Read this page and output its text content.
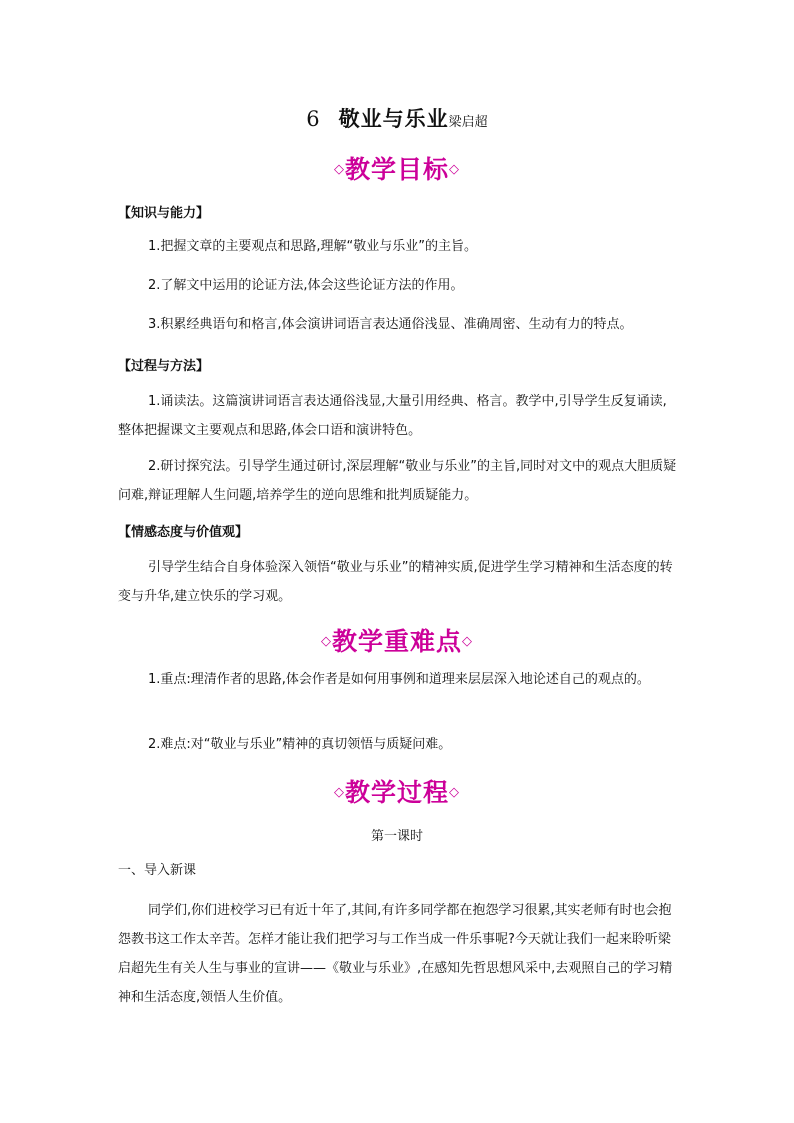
6 敬业与乐业梁启超
◇教学目标◇
【知识与能力】
1.把握文章的主要观点和思路,理解“敬业与乐业”的主旨。
2.了解文中运用的论证方法,体会这些论证方法的作用。
3.积累经典语句和格言,体会演讲词语言表达通俗浅显、准确周密、生动有力的特点。
【过程与方法】
1.诵读法。这篇演讲词语言表达通俗浅显,大量引用经典、格言。教学中,引导学生反复诵读,整体把握课文主要观点和思路,体会口语和演讲特色。
2.研讨探究法。引导学生通过研讨,深层理解“敬业与乐业”的主旨,同时对文中的观点大胆质疑问难,辩证理解人生问题,培养学生的逆向思维和批判质疑能力。
【情感态度与价值观】
引导学生结合自身体验深入领悟“敬业与乐业”的精神实质,促进学生学习精神和生活态度的转变与升华,建立快乐的学习观。
◇教学重难点◇
1.重点:理清作者的思路,体会作者是如何用事例和道理来层层深入地论述自己的观点的。
2.难点:对“敬业与乐业”精神的真切领悟与质疑问难。
◇教学过程◇
第一课时
一、导入新课
同学们,你们进校学习已有近十年了,其间,有许多同学都在抱怨学习很累,其实老师有时也会抱怨教书这工作太辛苦。怎样才能让我们把学习与工作当成一件乐事呢?今天就让我们一起来聆听梁启超先生有关人生与事业的宣讲——《敬业与乐业》,在感知先哲思想风采中,去观照自己的学习精神和生活态度,领悟人生价值。
